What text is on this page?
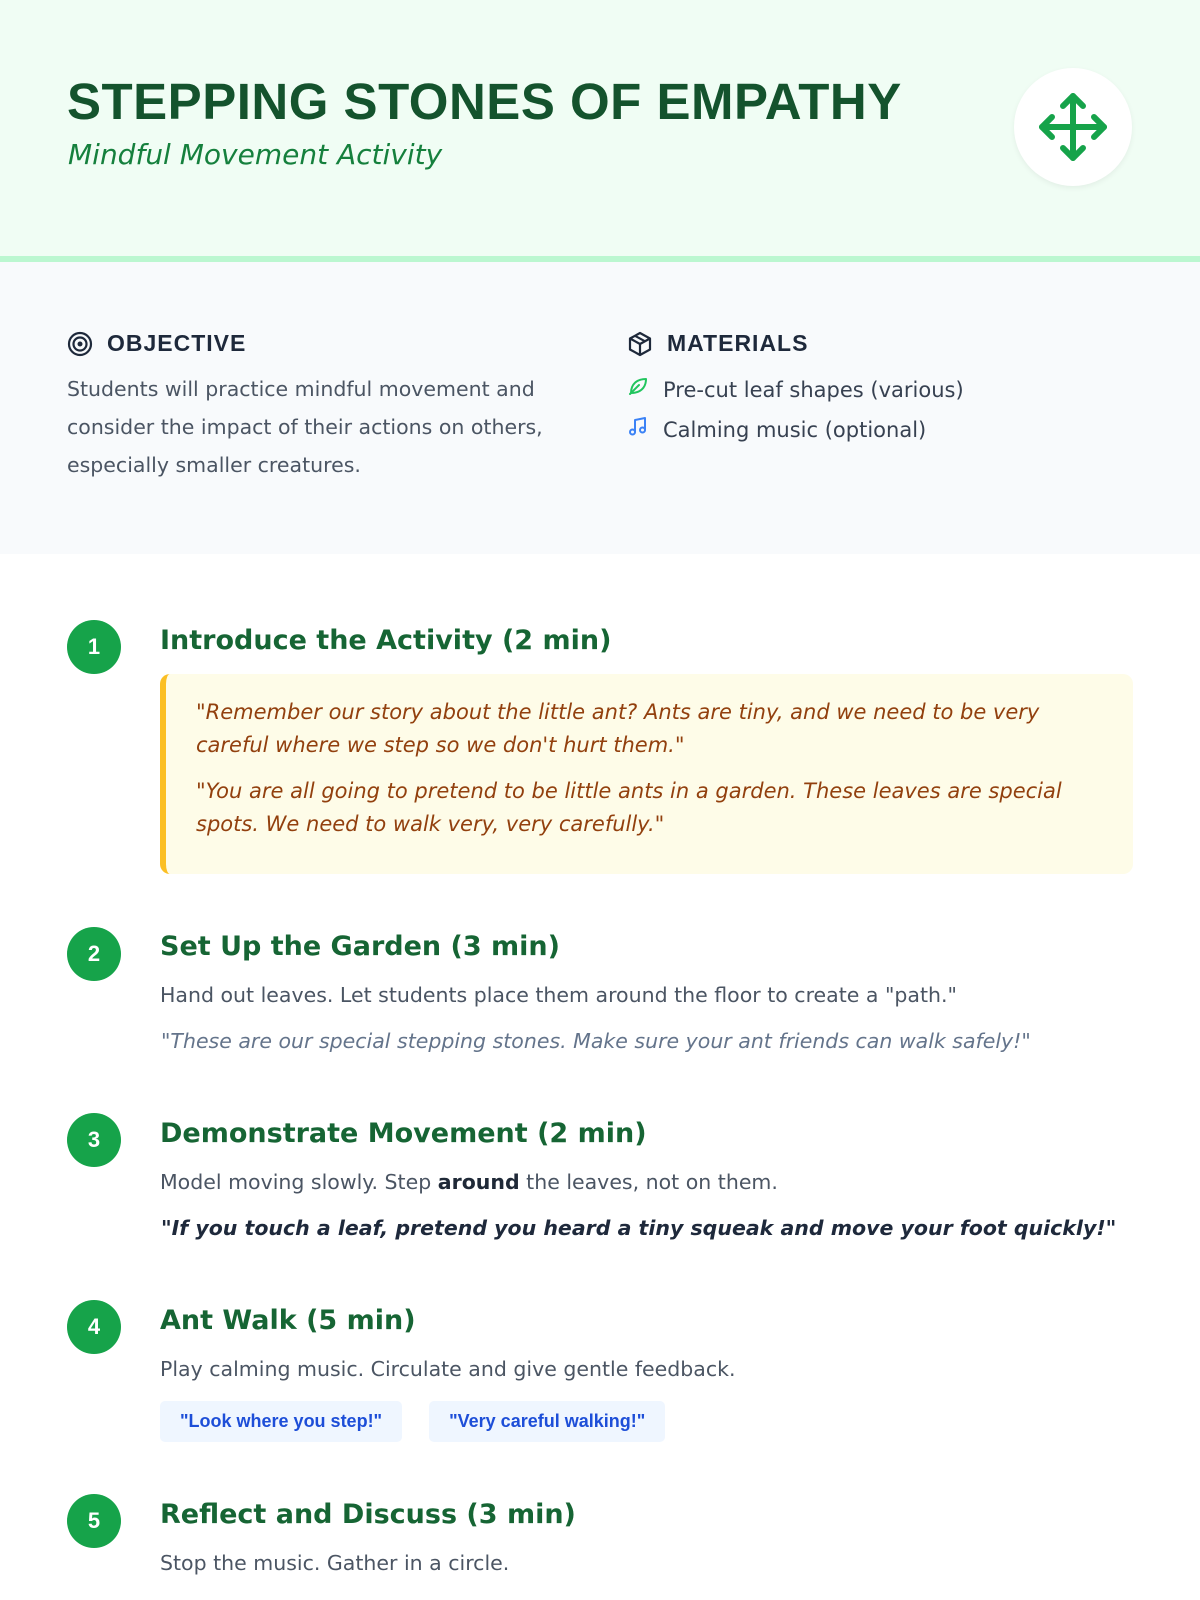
STEPPING STONES OF EMPATHY
Mindful Movement Activity
OBJECTIVE

Students will practice mindful movement and consider the impact of their actions on others, especially smaller creatures.

MATERIALS
Pre-cut leaf shapes (various)
Calming music (optional)
1	Introduce the Activity (2 min)

"Remember our story about the little ant? Ants are tiny, and we need to be very careful where we step so we don't hurt them."

"You are all going to pretend to be little ants in a garden. These leaves are special spots. We need to walk very, very carefully."

2	Set Up the Garden (3 min)
Hand out leaves. Let students place them around the floor to create a "path."
"These are our special stepping stones. Make sure your ant friends can walk safely!"
3	Demonstrate Movement (2 min)
Model moving slowly. Step around the leaves, not on them.
"If you touch a leaf, pretend you heard a tiny squeak and move your foot quickly!"
4	Ant Walk (5 min)
Play calming music. Circulate and give gentle feedback.
"Look where you step!"	"Very careful walking!"
5	Reflect and Discuss (3 min)
Stop the music. Gather in a circle.
